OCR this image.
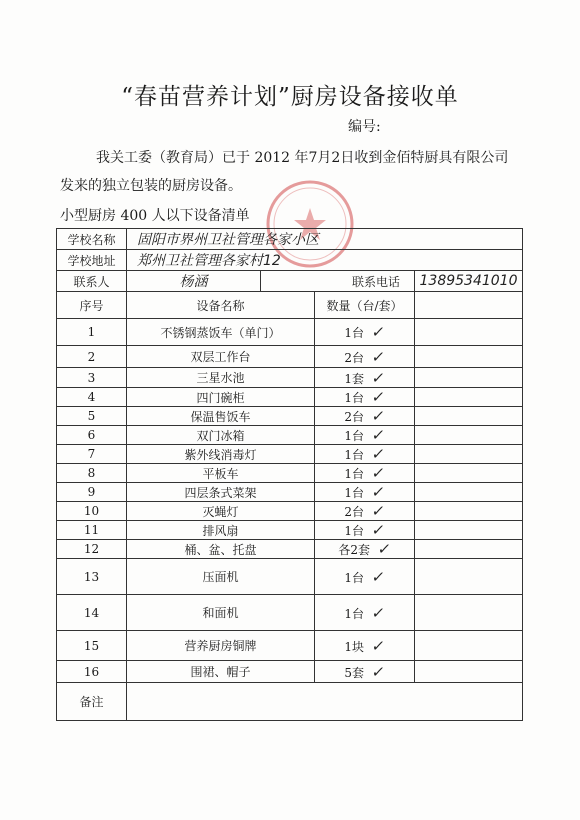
“春苗营养计划”厨房设备接收单
编号:
我关工委（教育局）已于 2012 年7月2日收到金佰特厨具有限公司
发来的独立包装的厨房设备。
小型厨房 400 人以下设备清单
学校名称	固阳市界州卫社管理各家小区			
学校地址	郑州卫社管理各家村12			
联系人	杨涵	联系电话		13895341010
序号	设备名称		数量（台/套）	
1	不锈钢蒸饭车（单门）		1台 ✓	
2	双层工作台		2台 ✓	
3	三星水池		1套 ✓	
4	四门碗柜		1台 ✓	
5	保温售饭车		2台 ✓	
6	双门冰箱		1台 ✓	
7	紫外线消毒灯		1台 ✓	
8	平板车		1台 ✓	
9	四层条式菜架		1台 ✓	
10	灭蝇灯		2台 ✓	
11	排风扇		1台 ✓	
12	桶、盆、托盘		各2套 ✓	
13	压面机		1台 ✓	
14	和面机		1台 ✓	
15	营养厨房铜牌		1块 ✓	
16	围裙、帽子		5套 ✓	
备注				
